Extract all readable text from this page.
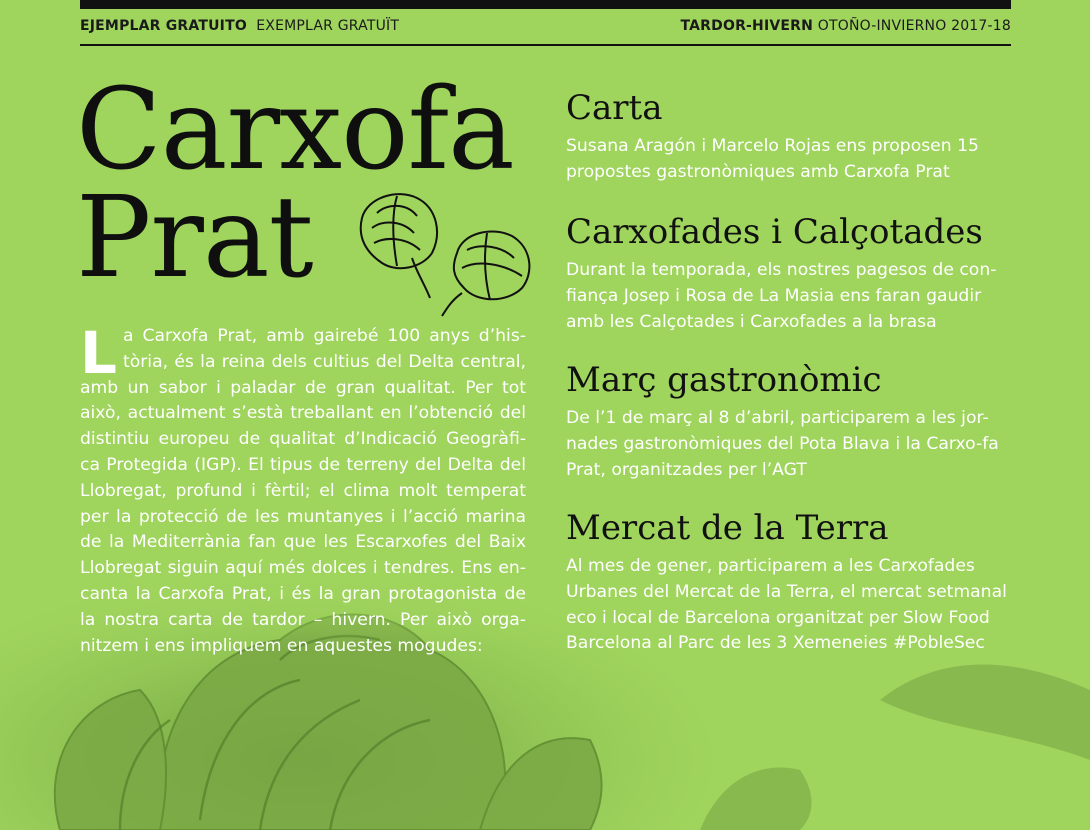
EJEMPLAR GRATUITO EXEMPLAR GRATUÏT	TARDOR-HIVERN OTOÑO-INVIERNO 2017-18
Carxofa
Prat
La Carxofa Prat, amb gairebé 100 anys d’his-tòria, és la reina dels cultius del Delta central, amb un sabor i paladar de gran qualitat. Per tot això, actualment s’està treballant en l’obtenció del distintiu europeu de qualitat d’Indicació Geogràfi-ca Protegida (IGP). El tipus de terreny del Delta del Llobregat, profund i fèrtil; el clima molt temperat per la protecció de les muntanyes i l’acció marina de la Mediterrània fan que les Escarxofes del Baix Llobregat siguin aquí més dolces i tendres. Ens en-canta la Carxofa Prat, i és la gran protagonista de la nostra carta de tardor – hivern. Per això orga-nitzem i ens impliquem en aquestes mogudes:
Carta

Susana Aragón i Marcelo Rojas ens proposen 15 propostes gastronòmiques amb Carxofa Prat

Carxofades i Calçotades

Durant la temporada, els nostres pagesos de con-fiança Josep i Rosa de La Masia ens faran gaudir amb les Calçotades i Carxofades a la brasa

Març gastronòmic

De l’1 de març al 8 d’abril, participarem a les jor-nades gastronòmiques del Pota Blava i la Carxo-fa Prat, organitzades per l’AGT

Mercat de la Terra

Al mes de gener, participarem a les Carxofades Urbanes del Mercat de la Terra, el mercat setmanal eco i local de Barcelona organitzat per Slow Food Barcelona al Parc de les 3 Xemeneies #PobleSec
